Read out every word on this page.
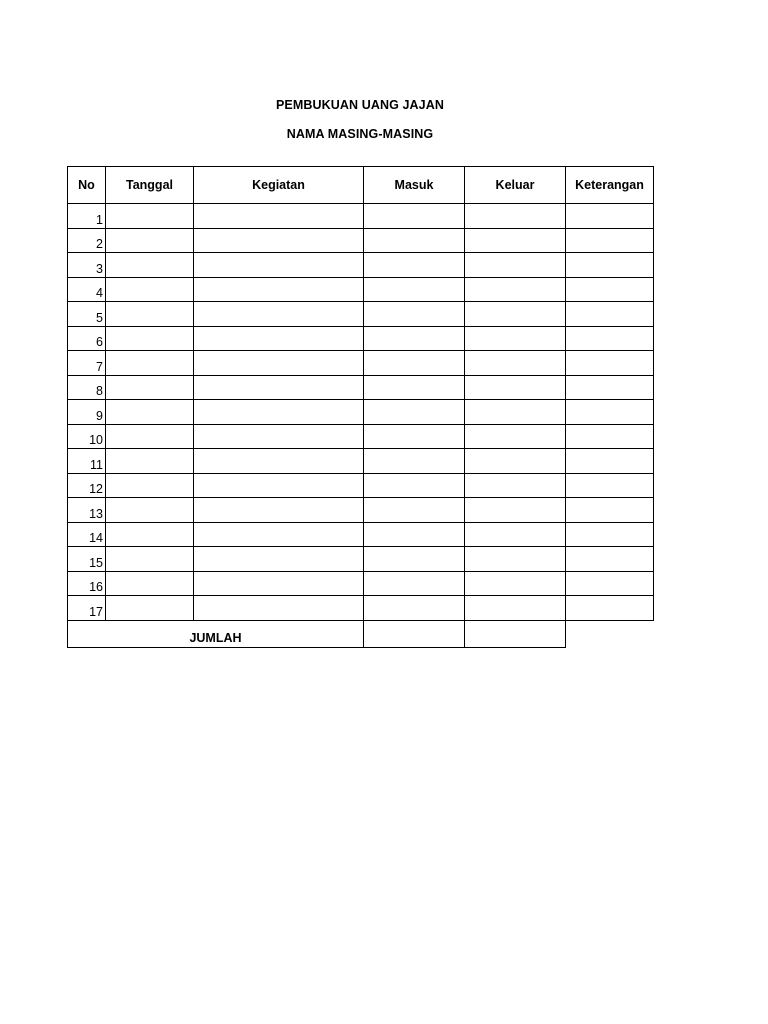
PEMBUKUAN UANG JAJAN
NAMA MASING-MASING
No	Tanggal	Kegiatan	Masuk	Keluar	Keterangan
1					
2					
3					
4					
5					
6					
7					
8					
9					
10					
11					
12					
13					
14					
15					
16					
17					
JUMLAH					
